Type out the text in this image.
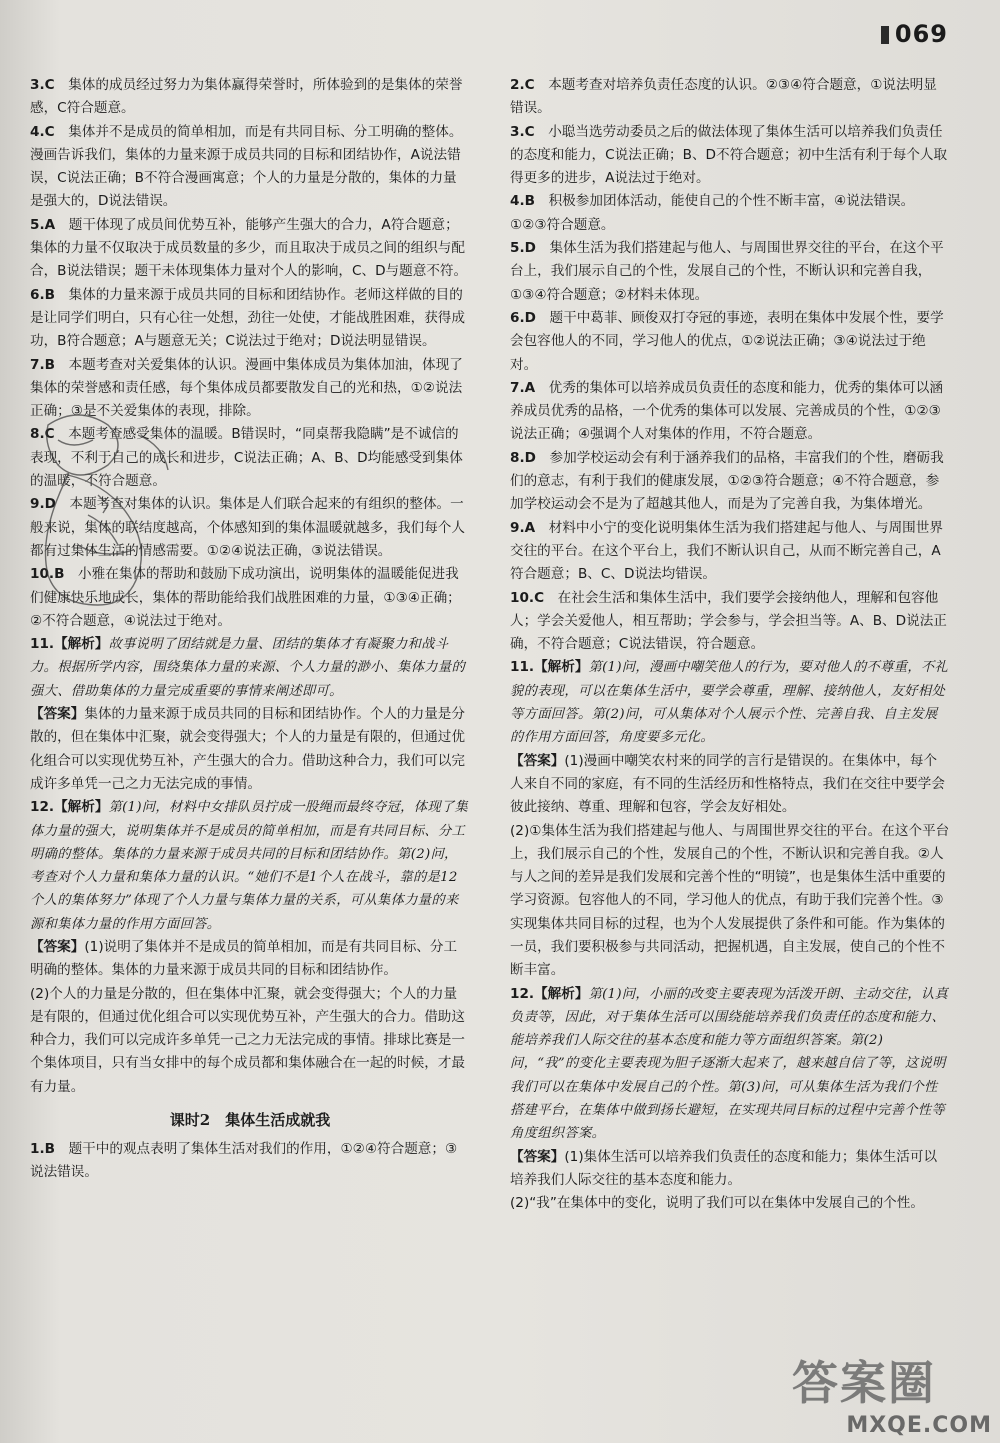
069
3.C　集体的成员经过努力为集体赢得荣誉时，所体验到的是集体的荣誉感，C符合题意。
4.C　集体并不是成员的简单相加，而是有共同目标、分工明确的整体。漫画告诉我们，集体的力量来源于成员共同的目标和团结协作，A说法错误，C说法正确；B不符合漫画寓意；个人的力量是分散的，集体的力量是强大的，D说法错误。
5.A　题干体现了成员间优势互补，能够产生强大的合力，A符合题意；集体的力量不仅取决于成员数量的多少，而且取决于成员之间的组织与配合，B说法错误；题干未体现集体力量对个人的影响，C、D与题意不符。
6.B　集体的力量来源于成员共同的目标和团结协作。老师这样做的目的是让同学们明白，只有心往一处想，劲往一处使，才能战胜困难，获得成功，B符合题意；A与题意无关；C说法过于绝对；D说法明显错误。
7.B　本题考查对关爱集体的认识。漫画中集体成员为集体加油，体现了集体的荣誉感和责任感，每个集体成员都要散发自己的光和热，①②说法正确；③是不关爱集体的表现，排除。
8.C　本题考查感受集体的温暖。B错误时，“同桌帮我隐瞒”是不诚信的表现，不利于自己的成长和进步，C说法正确；A、B、D均能感受到集体的温暖，不符合题意。
9.D　本题考查对集体的认识。集体是人们联合起来的有组织的整体。一般来说，集体的联结度越高，个体感知到的集体温暖就越多，我们每个人都有过集体生活的情感需要。①②④说法正确，③说法错误。
10.B　小雅在集体的帮助和鼓励下成功演出，说明集体的温暖能促进我们健康快乐地成长，集体的帮助能给我们战胜困难的力量，①③④正确；②不符合题意，④说法过于绝对。
11.【解析】故事说明了团结就是力量、团结的集体才有凝聚力和战斗力。根据所学内容，围绕集体力量的来源、个人力量的渺小、集体力量的强大、借助集体的力量完成重要的事情来阐述即可。
【答案】集体的力量来源于成员共同的目标和团结协作。个人的力量是分散的，但在集体中汇聚，就会变得强大；个人的力量是有限的，但通过优化组合可以实现优势互补，产生强大的合力。借助这种合力，我们可以完成许多单凭一己之力无法完成的事情。
12.【解析】第(1)问，材料中女排队员拧成一股绳而最终夺冠，体现了集体力量的强大，说明集体并不是成员的简单相加，而是有共同目标、分工明确的整体。集体的力量来源于成员共同的目标和团结协作。第(2)问，考查对个人力量和集体力量的认识。“她们不是1个人在战斗，靠的是12个人的集体努力”体现了个人力量与集体力量的关系，可从集体力量的来源和集体力量的作用方面回答。
【答案】(1)说明了集体并不是成员的简单相加，而是有共同目标、分工明确的整体。集体的力量来源于成员共同的目标和团结协作。
(2)个人的力量是分散的，但在集体中汇聚，就会变得强大；个人的力量是有限的，但通过优化组合可以实现优势互补，产生强大的合力。借助这种合力，我们可以完成许多单凭一己之力无法完成的事情。排球比赛是一个集体项目，只有当女排中的每个成员都和集体融合在一起的时候，才最有力量。
课时2　集体生活成就我
1.B　题干中的观点表明了集体生活对我们的作用，①②④符合题意；③说法错误。
2.C　本题考查对培养负责任态度的认识。②③④符合题意，①说法明显错误。
3.C　小聪当选劳动委员之后的做法体现了集体生活可以培养我们负责任的态度和能力，C说法正确；B、D不符合题意；初中生活有利于每个人取得更多的进步，A说法过于绝对。
4.B　积极参加团体活动，能使自己的个性不断丰富，④说法错误。①②③符合题意。
5.D　集体生活为我们搭建起与他人、与周围世界交往的平台，在这个平台上，我们展示自己的个性，发展自己的个性，不断认识和完善自我，①③④符合题意；②材料未体现。
6.D　题干中葛菲、顾俊双打夺冠的事迹，表明在集体中发展个性，要学会包容他人的不同，学习他人的优点，①②说法正确；③④说法过于绝对。
7.A　优秀的集体可以培养成员负责任的态度和能力，优秀的集体可以涵养成员优秀的品格，一个优秀的集体可以发展、完善成员的个性，①②③说法正确；④强调个人对集体的作用，不符合题意。
8.D　参加学校运动会有利于涵养我们的品格，丰富我们的个性，磨砺我们的意志，有利于我们的健康发展，①②③符合题意；④不符合题意，参加学校运动会不是为了超越其他人，而是为了完善自我，为集体增光。
9.A　材料中小宁的变化说明集体生活为我们搭建起与他人、与周围世界交往的平台。在这个平台上，我们不断认识自己，从而不断完善自己，A符合题意；B、C、D说法均错误。
10.C　在社会生活和集体生活中，我们要学会接纳他人，理解和包容他人；学会关爱他人，相互帮助；学会参与，学会担当等。A、B、D说法正确，不符合题意；C说法错误，符合题意。
11.【解析】第(1)问，漫画中嘲笑他人的行为，要对他人的不尊重，不礼貌的表现，可以在集体生活中，要学会尊重，理解、接纳他人，友好相处等方面回答。第(2)问，可从集体对个人展示个性、完善自我、自主发展的作用方面回答，角度要多元化。
【答案】(1)漫画中嘲笑农村来的同学的言行是错误的。在集体中，每个人来自不同的家庭，有不同的生活经历和性格特点，我们在交往中要学会彼此接纳、尊重、理解和包容，学会友好相处。
(2)①集体生活为我们搭建起与他人、与周围世界交往的平台。在这个平台上，我们展示自己的个性，发展自己的个性，不断认识和完善自我。②人与人之间的差异是我们发展和完善个性的“明镜”，也是集体生活中重要的学习资源。包容他人的不同，学习他人的优点，有助于我们完善个性。③实现集体共同目标的过程，也为个人发展提供了条件和可能。作为集体的一员，我们要积极参与共同活动，把握机遇，自主发展，使自己的个性不断丰富。
12.【解析】第(1)问，小丽的改变主要表现为活泼开朗、主动交往，认真负责等，因此，对于集体生活可以围绕能培养我们负责任的态度和能力、能培养我们人际交往的基本态度和能力等方面组织答案。第(2)问，“我”的变化主要表现为胆子逐渐大起来了，越来越自信了等，这说明我们可以在集体中发展自己的个性。第(3)问，可从集体生活为我们个性搭建平台，在集体中做到扬长避短，在实现共同目标的过程中完善个性等角度组织答案。
【答案】(1)集体生活可以培养我们负责任的态度和能力；集体生活可以培养我们人际交往的基本态度和能力。
(2)“我”在集体中的变化，说明了我们可以在集体中发展自己的个性。
答案圈
MXQE.COM
